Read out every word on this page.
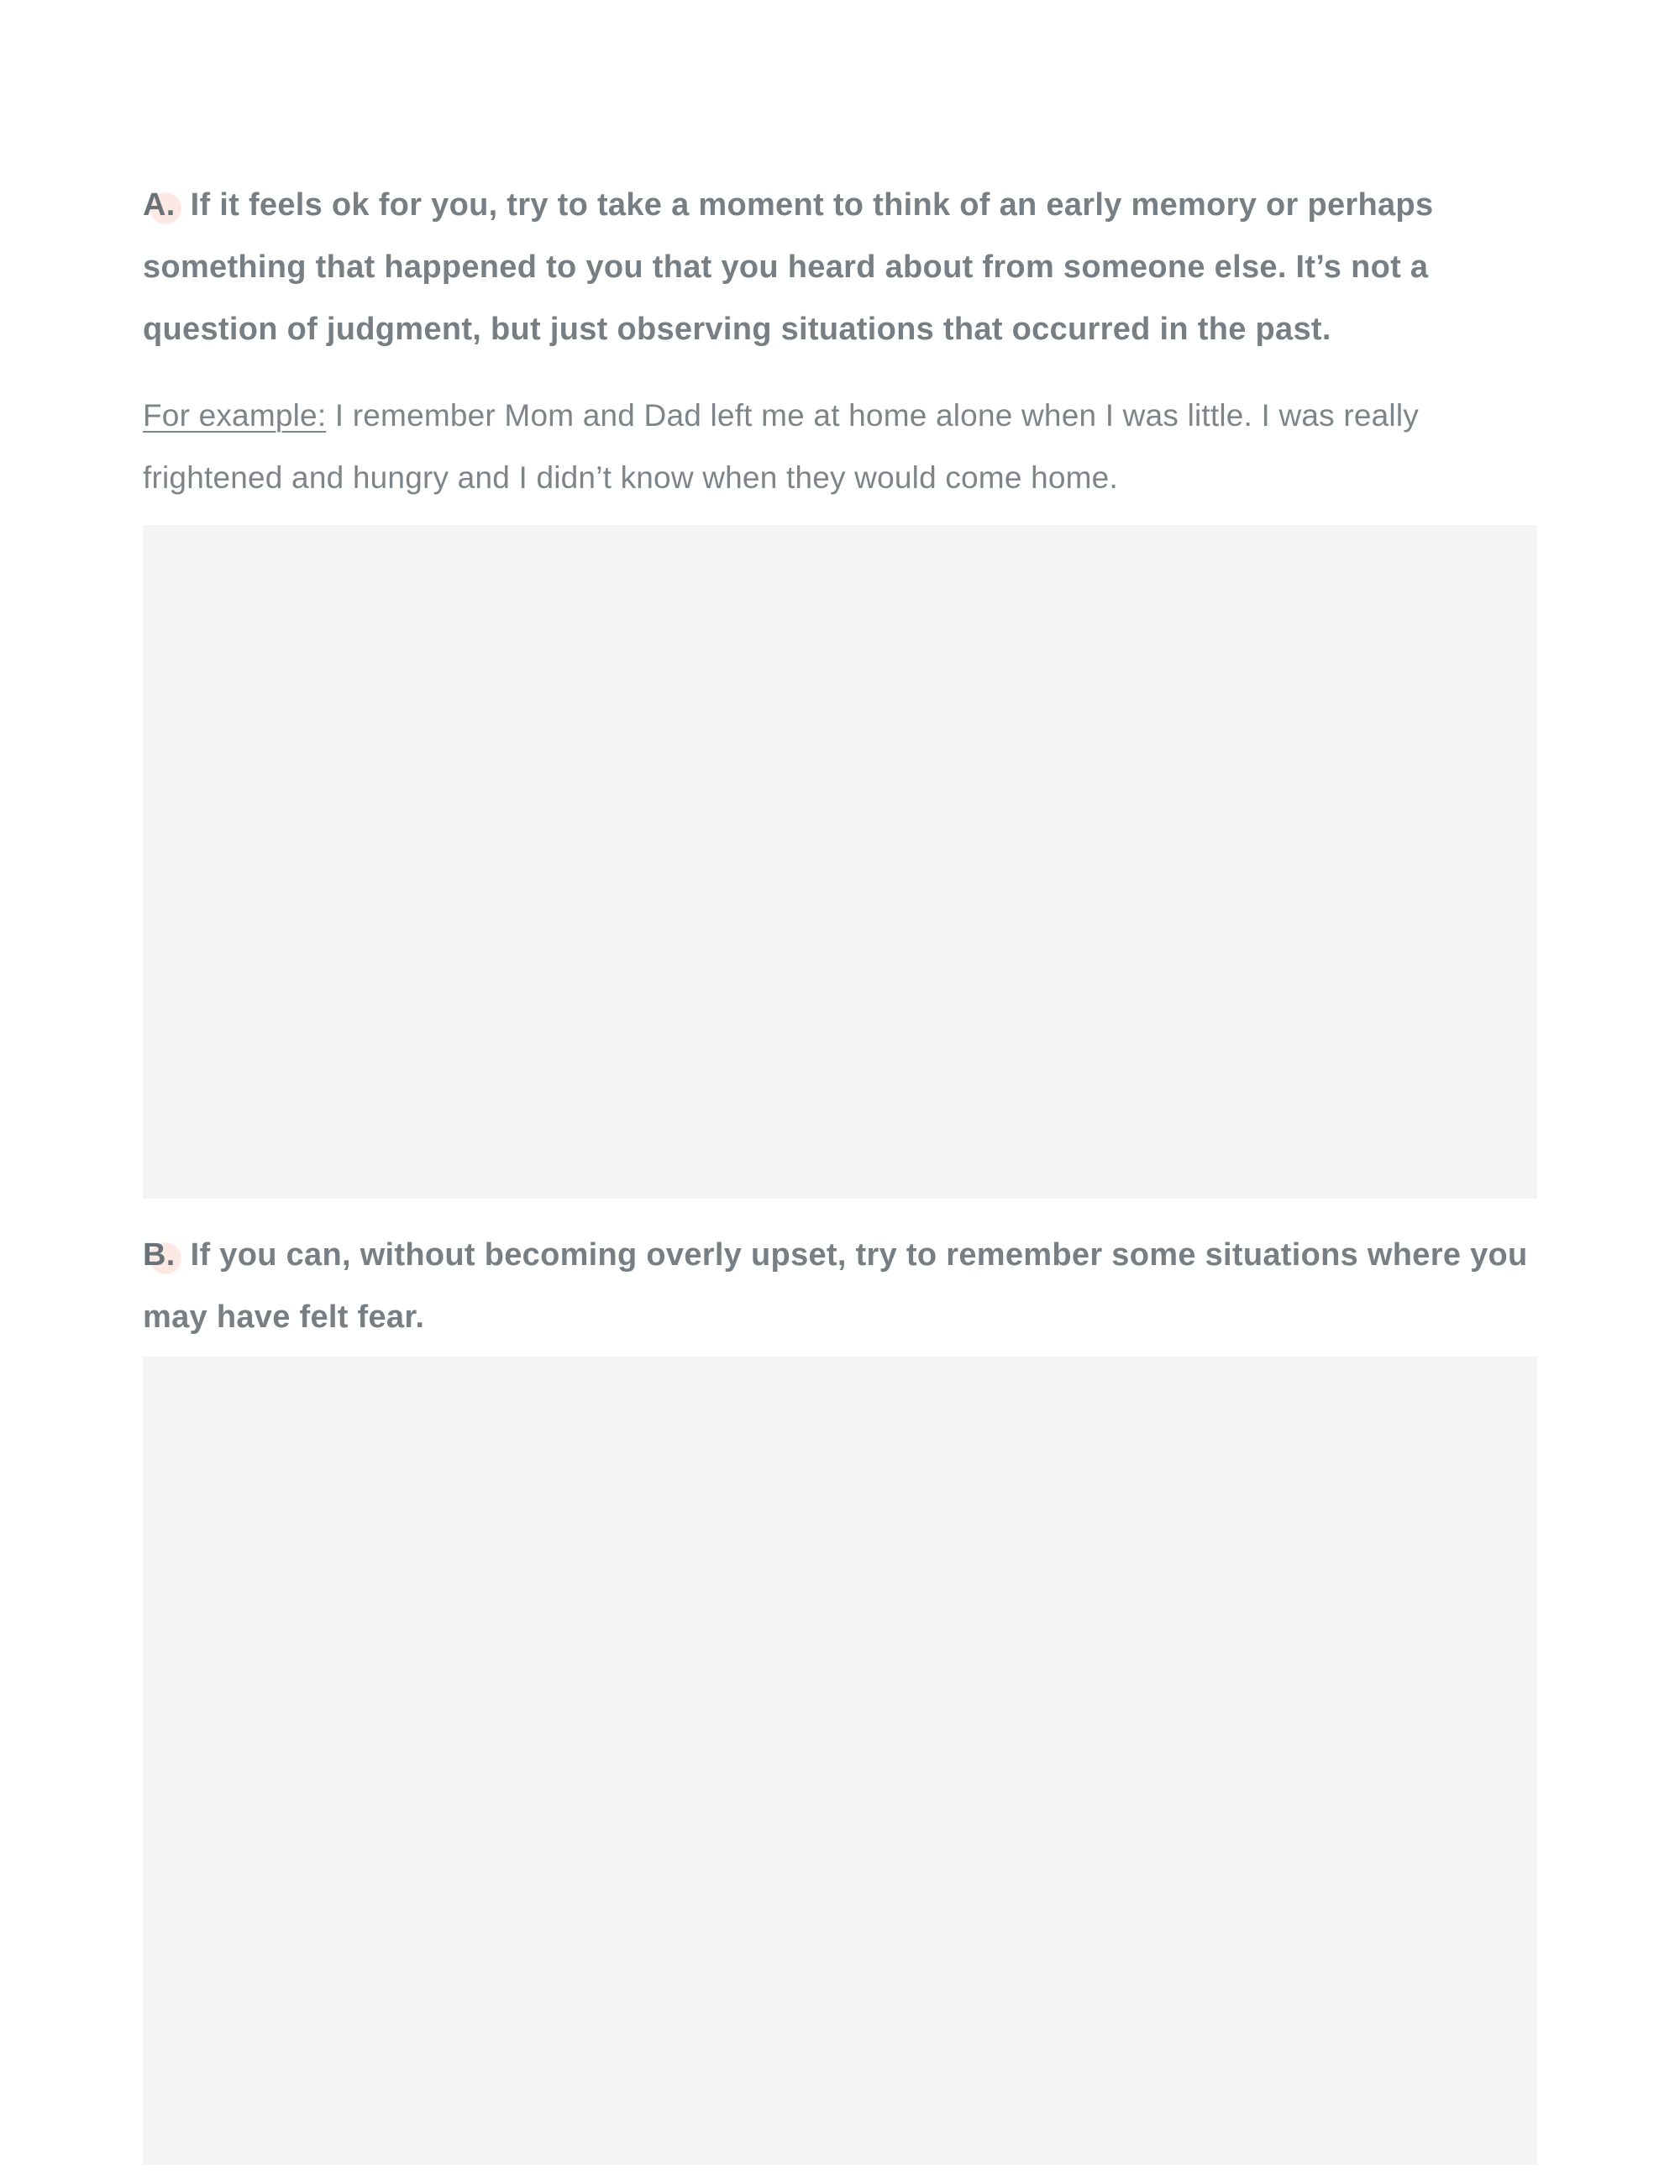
A. If it feels ok for you, try to take a moment to think of an early memory or perhaps something that happened to you that you heard about from someone else. It’s not a question of judgment, but just observing situations that occurred in the past.
For example: I remember Mom and Dad left me at home alone when I was little. I was really frightened and hungry and I didn’t know when they would come home.
B. If you can, without becoming overly upset, try to remember some situations where you may have felt fear.
